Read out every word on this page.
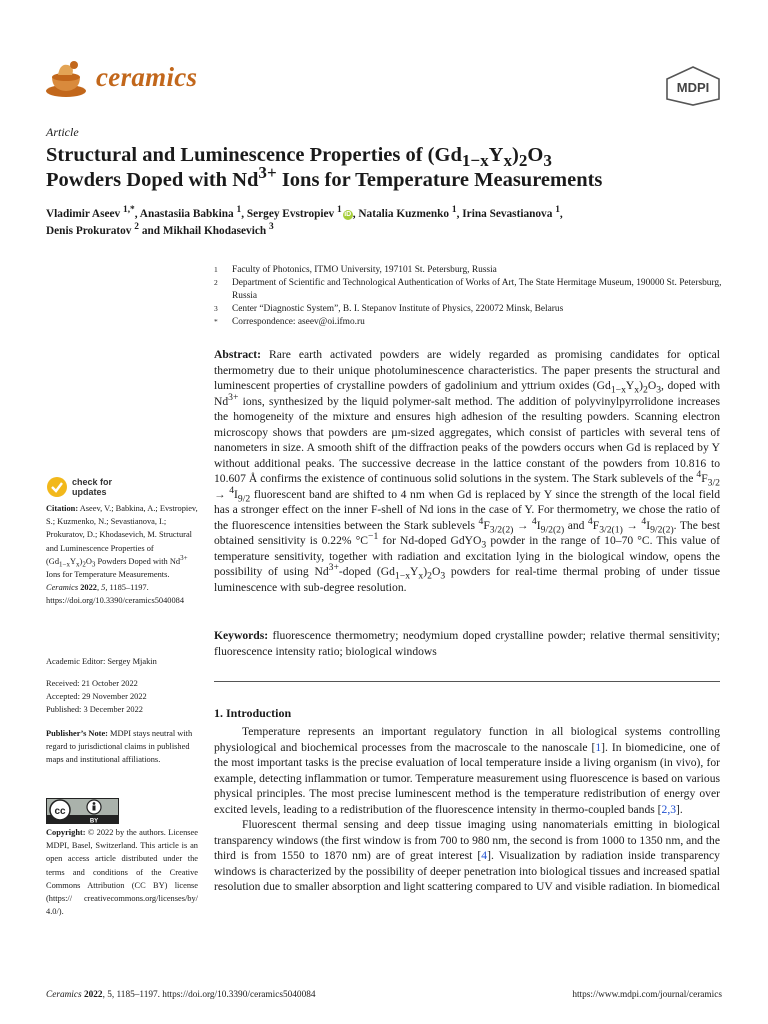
ceramics	MDPI
Article
Structural and Luminescence Properties of $(Gd_{1-x}Y_x)_2O_3$
Powders Doped with $Nd^{3+}$ Ions for Temperature Measurements
Vladimir Aseev $^{1,*}$, Anastasiia Babkina $^1$, Sergey Evstropiev $^1$ iD , Natalia Kuzmenko $^1$, Irina Sevastianova $^1$,
Denis Prokuratov $^2$ and Mikhail Khodasevich $^3$
1 Faculty of Photonics, ITMO University, 197101 St. Petersburg, Russia
2 Department of Scientific and Technological Authentication of Works of Art, The State Hermitage Museum, 190000 St. Petersburg, Russia
3 Center “Diagnostic System”, B. I. Stepanov Institute of Physics, 220072 Minsk, Belarus
* Correspondence: asеev@oi.ifmo.ru
Abstract: Rare earth activated powders are widely regarded as promising candidates for optical thermometry due to their unique photoluminescence characteristics. The paper presents the structural and luminescent properties of crystalline powders of gadolinium and yttrium oxides $(Gd_{1-x}Y_x)_2O_3$, doped with $Nd^{3+}$ ions, synthesized by the liquid polymer-salt method. The addition of polyvinylpyrrolidone increases the homogeneity of the mixture and ensures high adhesion of the resulting powders. Scanning electron microscopy shows that powders are µm-sized aggregates, which consist of particles with several tens of nanometers in size. A smooth shift of the diffraction peaks of the powders occurs when Gd is replaced by Y without additional peaks. The successive decrease in the lattice constant of the powders from 10.816 to 10.607 Å confirms the existence of continuous solid solutions in the system. The Stark sublevels of the $^4F_{3/2} \to ^4I_{9/2}$ fluorescent band are shifted to 4 nm when Gd is replaced by Y since the strength of the local field has a stronger effect on the inner F-shell of Nd ions in the case of Y. For thermometry, we chose the ratio of the fluorescence intensities between the Stark sublevels $^4F_{3/2(2)} \to ^4I_{9/2(2)}$ and $^4F_{3/2(1)} \to ^4I_{9/2(2)}$. The best obtained sensitivity is 0.22% $^\circ C^{-1}$ for Nd-doped GdYO$_3$ powder in the range of 10–70 °C. This value of temperature sensitivity, together with radiation and excitation lying in the biological window, opens the possibility of using $Nd^{3+}$-doped $(Gd_{1-x}Y_x)_2O_3$ powders for real-time thermal probing of under tissue luminescence with sub-degree resolution.
Keywords: fluorescence thermometry; neodymium doped crystalline powder; relative thermal sensitivity; fluorescence intensity ratio; biological windows
1. Introduction

Temperature represents an important regulatory function in all biological systems controlling physiological and biochemical processes from the macroscale to the nanoscale [1]. In biomedicine, one of the most important tasks is the precise evaluation of local temperature inside a living organism (in vivo), for example, detecting inflammation or tumor. Temperature measurement using fluorescence is based on various physical principles. The most precise luminescent method is the temperature redistribution of energy over excited levels, leading to a redistribution of the fluorescence intensity in thermo-coupled bands [2,3].

Fluorescent thermal sensing and deep tissue imaging using nanomaterials emitting in biological transparency windows (the first window is from 700 to 980 nm, the second is from 1000 to 1350 nm, and the third is from 1550 to 1870 nm) are of great interest [4]. Visualization by radiation inside transparency windows is characterized by the possibility of deeper penetration into biological tissues and increased spatial resolution due to smaller absorption and light scattering compared to UV and visible radiation. In biomedical

check for
updates
Citation: Aseev, V.; Babkina, A.; Evstropiev, S.; Kuzmenko, N.; Sevastianova, I.; Prokuratov, D.; Khodasevich, M. Structural and Luminescence Properties of $(Gd_{1-x}Y_x)_2O_3$ Powders Doped with $Nd^{3+}$ Ions for Temperature Measurements. Ceramics 2022, 5, 1185–1197. https://doi.org/10.3390/ceramics5040084
Academic Editor: Sergey Mjakin
Received: 21 October 2022
Accepted: 29 November 2022
Published: 3 December 2022
Publisher’s Note: MDPI stays neutral with regard to jurisdictional claims in published maps and institutional affiliations.
cc
BY
Copyright: © 2022 by the authors. Licensee MDPI, Basel, Switzerland. This article is an open access article distributed under the terms and conditions of the Creative Commons Attribution (CC BY) license (https:// creativecommons.org/licenses/by/ 4.0/).
Ceramics 2022, 5, 1185–1197. https://doi.org/10.3390/ceramics5040084	https://www.mdpi.com/journal/ceramics
